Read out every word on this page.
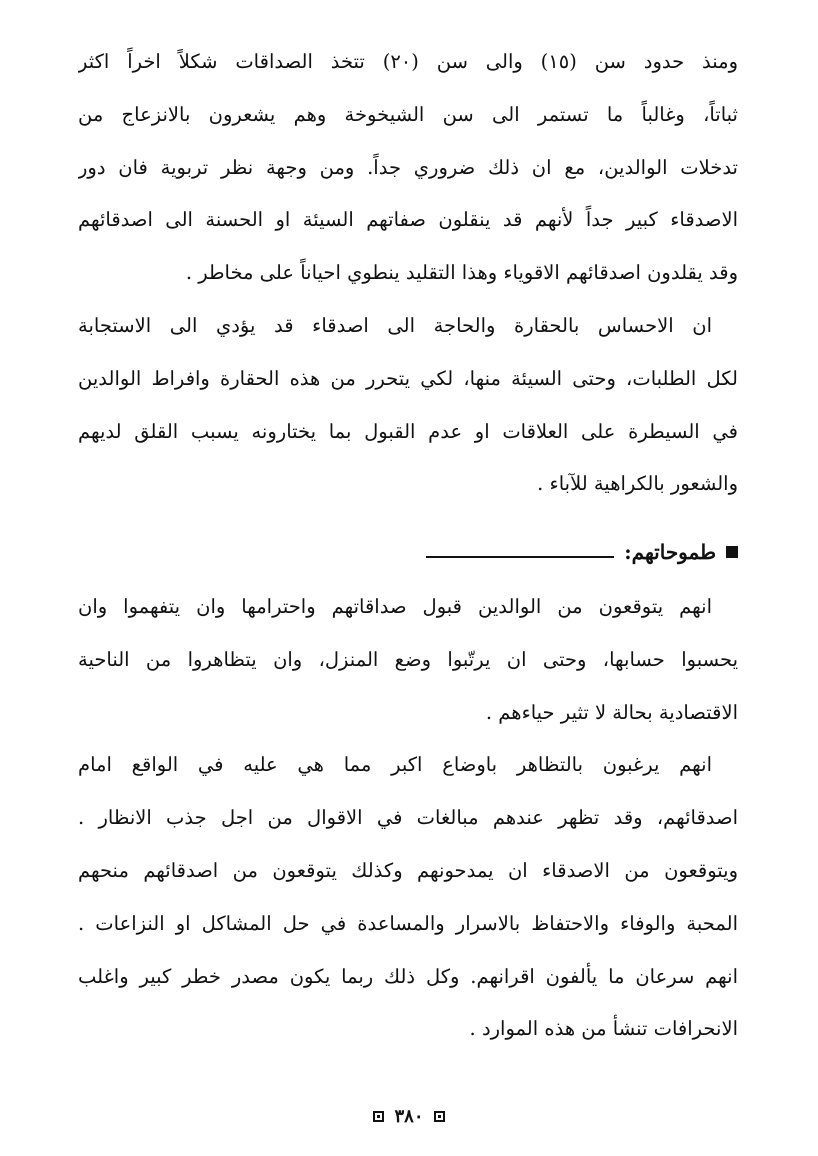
ومنذ حدود سن (١٥) والى سن (٢٠) تتخذ الصداقات شكلاً اخراً اكثر
ثباتاً، وغالباً ما تستمر الى سن الشيخوخة وهم يشعرون بالانزعاج من
تدخلات الوالدين، مع ان ذلك ضروري جداً. ومن وجهة نظر تربوية فان دور
الاصدقاء كبير جداً لأنهم قد ينقلون صفاتهم السيئة او الحسنة الى اصدقائهم
وقد يقلدون اصدقائهم الاقوياء وهذا التقليد ينطوي احياناً على مخاطر .
ان الاحساس بالحقارة والحاجة الى اصدقاء قد يؤدي الى الاستجابة
لكل الطلبات، وحتى السيئة منها، لكي يتحرر من هذه الحقارة وافراط الوالدين
في السيطرة على العلاقات او عدم القبول بما يختارونه يسبب القلق لديهم
والشعور بالكراهية للآباء .
طموحاتهم:
انهم يتوقعون من الوالدين قبول صداقاتهم واحترامها وان يتفهموا وان
يحسبوا حسابها، وحتى ان يرتّبوا وضع المنزل، وان يتظاهروا من الناحية
الاقتصادية بحالة لا تثير حياءهم .
انهم يرغبون بالتظاهر باوضاع اكبر مما هي عليه في الواقع امام
اصدقائهم، وقد تظهر عندهم مبالغات في الاقوال من اجل جذب الانظار .
ويتوقعون من الاصدقاء ان يمدحونهم وكذلك يتوقعون من اصدقائهم منحهم
المحبة والوفاء والاحتفاظ بالاسرار والمساعدة في حل المشاكل او النزاعات .
انهم سرعان ما يألفون اقرانهم. وكل ذلك ربما يكون مصدر خطر كبير واغلب
الانحرافات تنشأ من هذه الموارد .
٣٨٠
